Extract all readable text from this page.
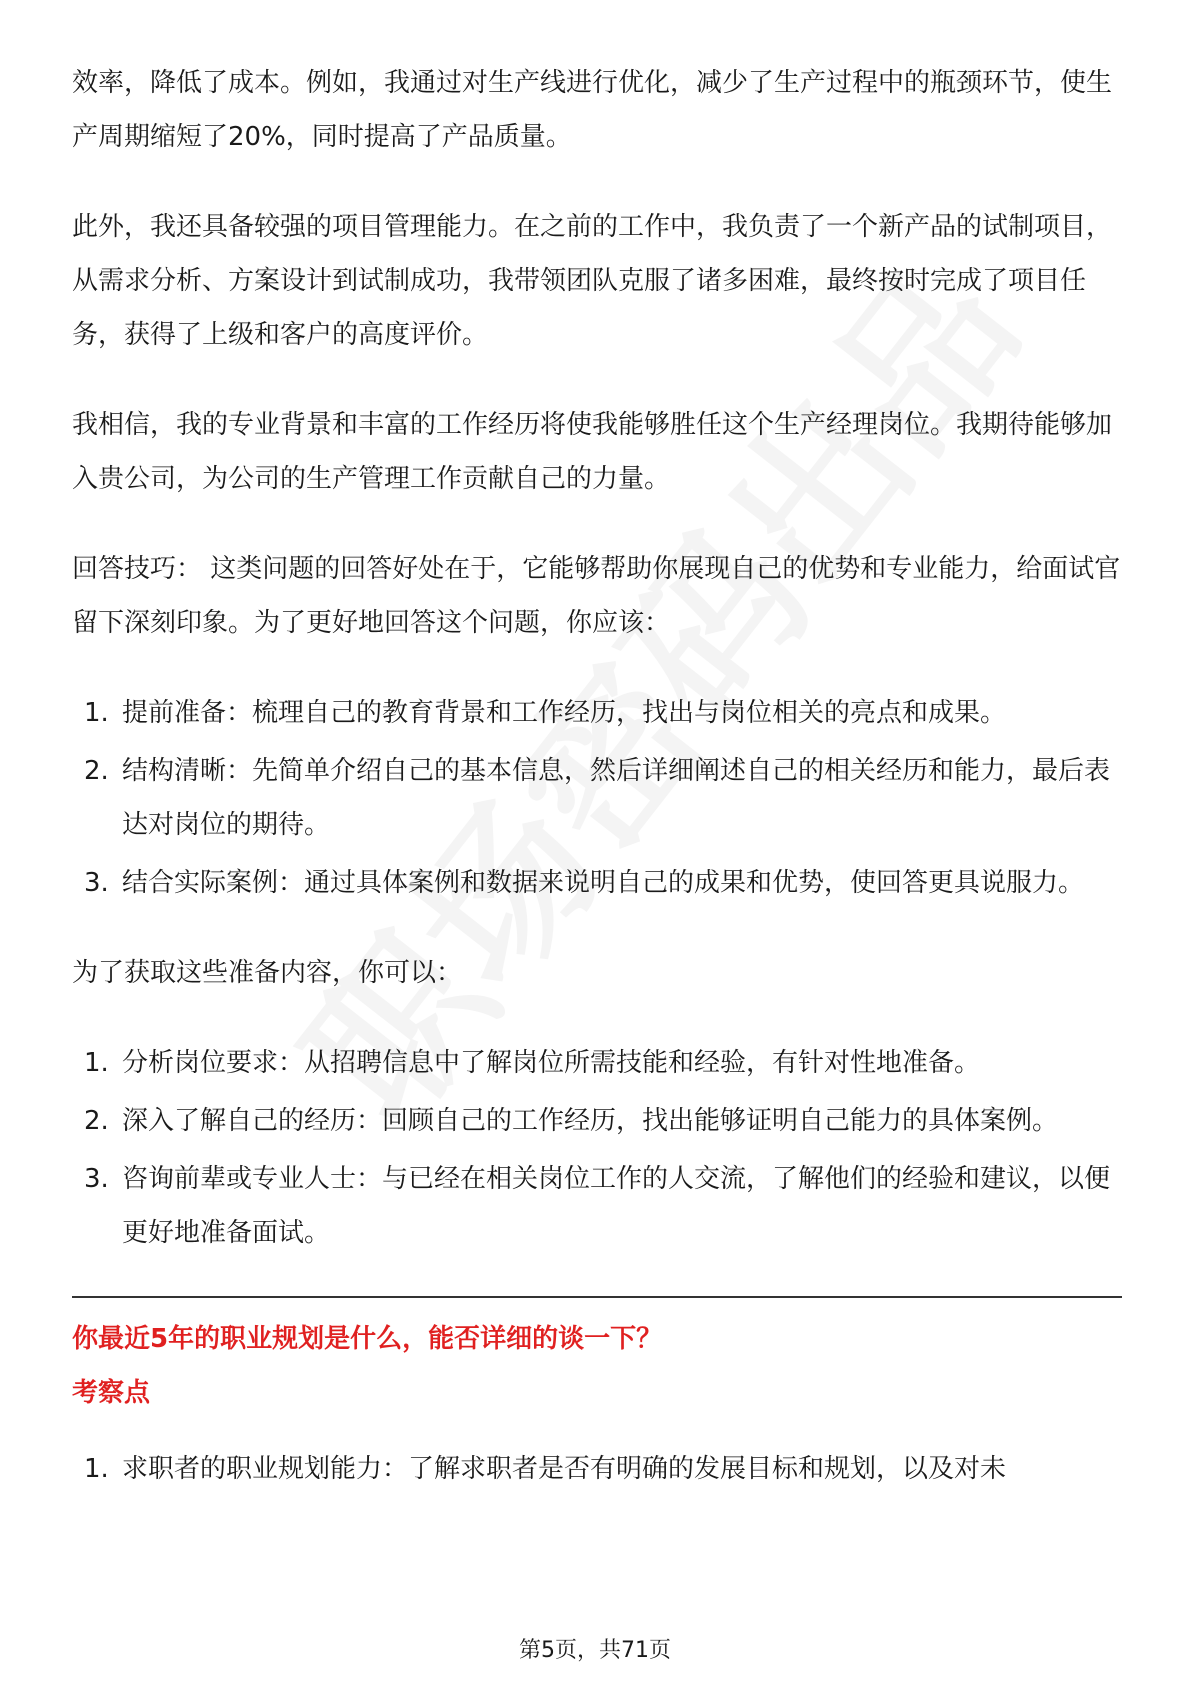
效率，降低了成本。例如，我通过对生产线进行优化，减少了生产过程中的瓶颈环节，使生产周期缩短了20%，同时提高了产品质量。

此外，我还具备较强的项目管理能力。在之前的工作中，我负责了一个新产品的试制项目，从需求分析、方案设计到试制成功，我带领团队克服了诸多困难，最终按时完成了项目任务，获得了上级和客户的高度评价。

我相信，我的专业背景和丰富的工作经历将使我能够胜任这个生产经理岗位。我期待能够加入贵公司，为公司的生产管理工作贡献自己的力量。

回答技巧： 这类问题的回答好处在于，它能够帮助你展现自己的优势和专业能力，给面试官留下深刻印象。为了更好地回答这个问题，你应该：

1. 提前准备：梳理自己的教育背景和工作经历，找出与岗位相关的亮点和成果。
2. 结构清晰：先简单介绍自己的基本信息，然后详细阐述自己的相关经历和能力，最后表达对岗位的期待。
3. 结合实际案例：通过具体案例和数据来说明自己的成果和优势，使回答更具说服力。

为了获取这些准备内容，你可以：

1. 分析岗位要求：从招聘信息中了解岗位所需技能和经验，有针对性地准备。
2. 深入了解自己的经历：回顾自己的工作经历，找出能够证明自己能力的具体案例。
3. 咨询前辈或专业人士：与已经在相关岗位工作的人交流，了解他们的经验和建议，以便更好地准备面试。
你最近5年的职业规划是什么，能否详细的谈一下？
考察点
1. 求职者的职业规划能力：了解求职者是否有明确的发展目标和规划，以及对未
第5页，共71页
